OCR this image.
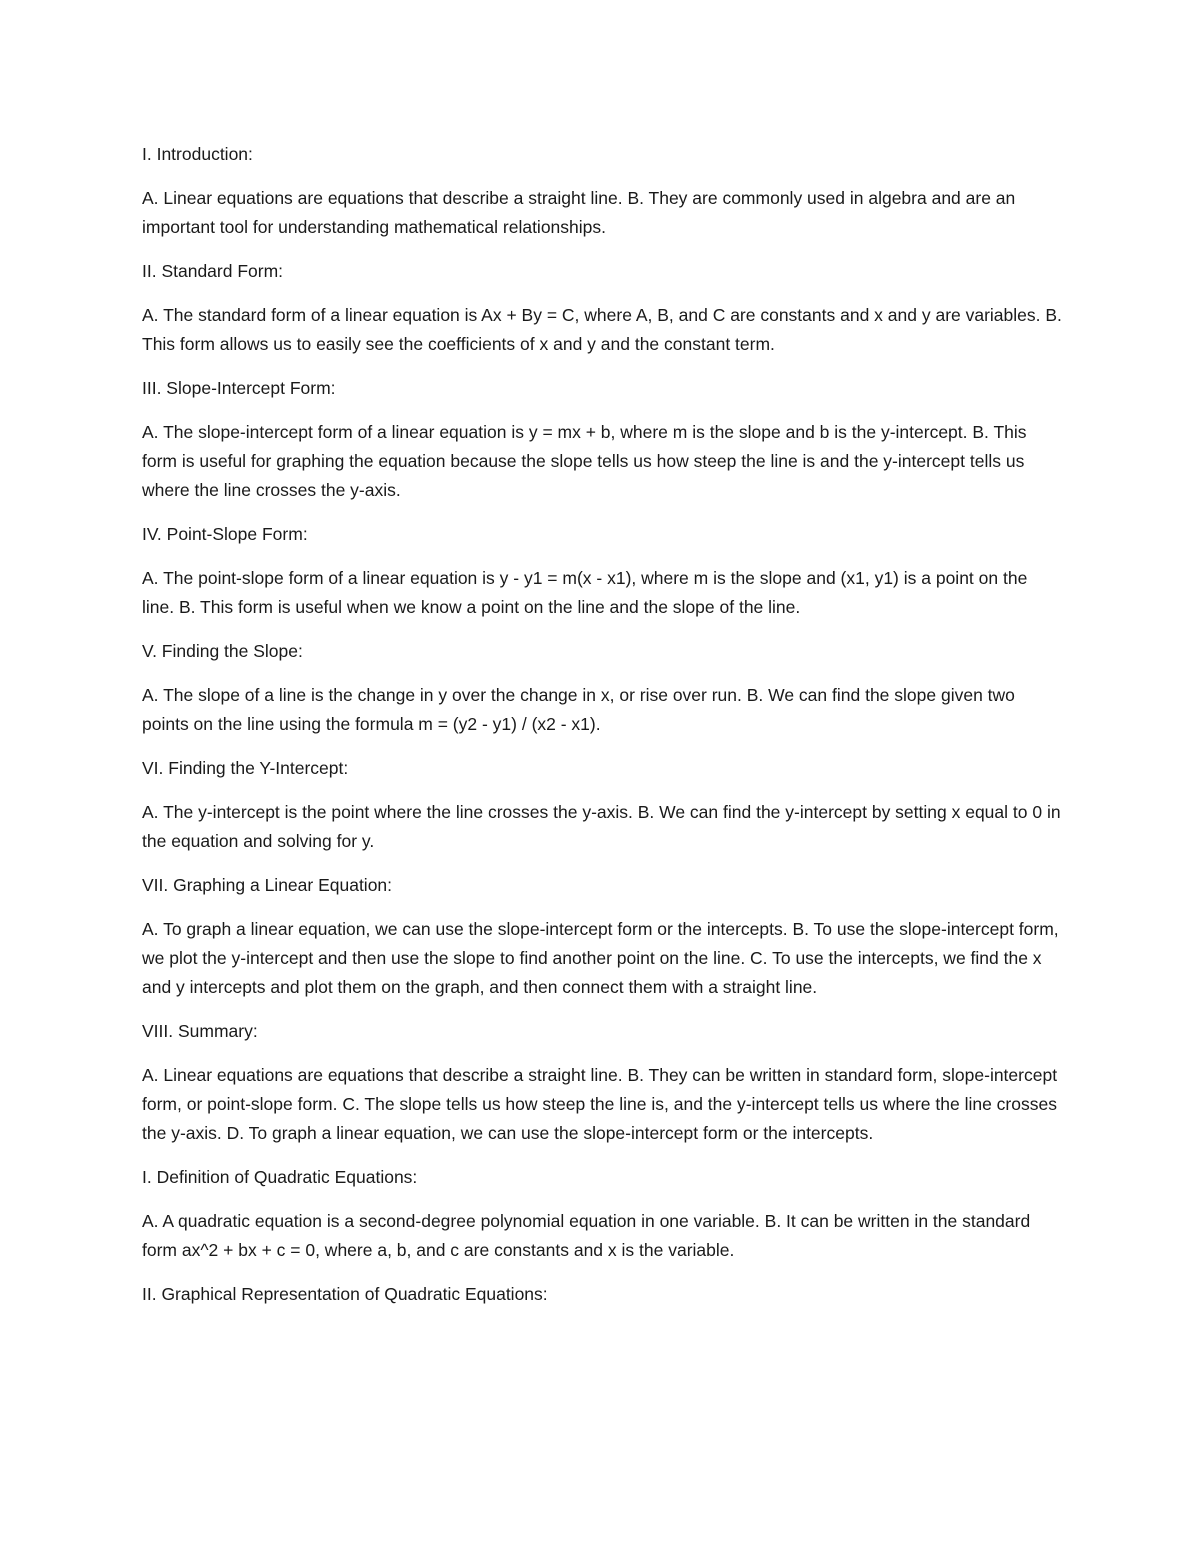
I. Introduction:

A. Linear equations are equations that describe a straight line. B. They are commonly used in algebra and are an important tool for understanding mathematical relationships.

II. Standard Form:

A. The standard form of a linear equation is Ax + By = C, where A, B, and C are constants and x and y are variables. B. This form allows us to easily see the coefficients of x and y and the constant term.

III. Slope-Intercept Form:

A. The slope-intercept form of a linear equation is y = mx + b, where m is the slope and b is the y-intercept. B. This form is useful for graphing the equation because the slope tells us how steep the line is and the y-intercept tells us where the line crosses the y-axis.

IV. Point-Slope Form:

A. The point-slope form of a linear equation is y - y1 = m(x - x1), where m is the slope and (x1, y1) is a point on the line. B. This form is useful when we know a point on the line and the slope of the line.

V. Finding the Slope:

A. The slope of a line is the change in y over the change in x, or rise over run. B. We can find the slope given two points on the line using the formula m = (y2 - y1) / (x2 - x1).

VI. Finding the Y-Intercept:

A. The y-intercept is the point where the line crosses the y-axis. B. We can find the y-intercept by setting x equal to 0 in the equation and solving for y.

VII. Graphing a Linear Equation:

A. To graph a linear equation, we can use the slope-intercept form or the intercepts. B. To use the slope-intercept form, we plot the y-intercept and then use the slope to find another point on the line. C. To use the intercepts, we find the x and y intercepts and plot them on the graph, and then connect them with a straight line.

VIII. Summary:

A. Linear equations are equations that describe a straight line. B. They can be written in standard form, slope-intercept form, or point-slope form. C. The slope tells us how steep the line is, and the y-intercept tells us where the line crosses the y-axis. D. To graph a linear equation, we can use the slope-intercept form or the intercepts.

I. Definition of Quadratic Equations:

A. A quadratic equation is a second-degree polynomial equation in one variable. B. It can be written in the standard form ax^2 + bx + c = 0, where a, b, and c are constants and x is the variable.

II. Graphical Representation of Quadratic Equations:
